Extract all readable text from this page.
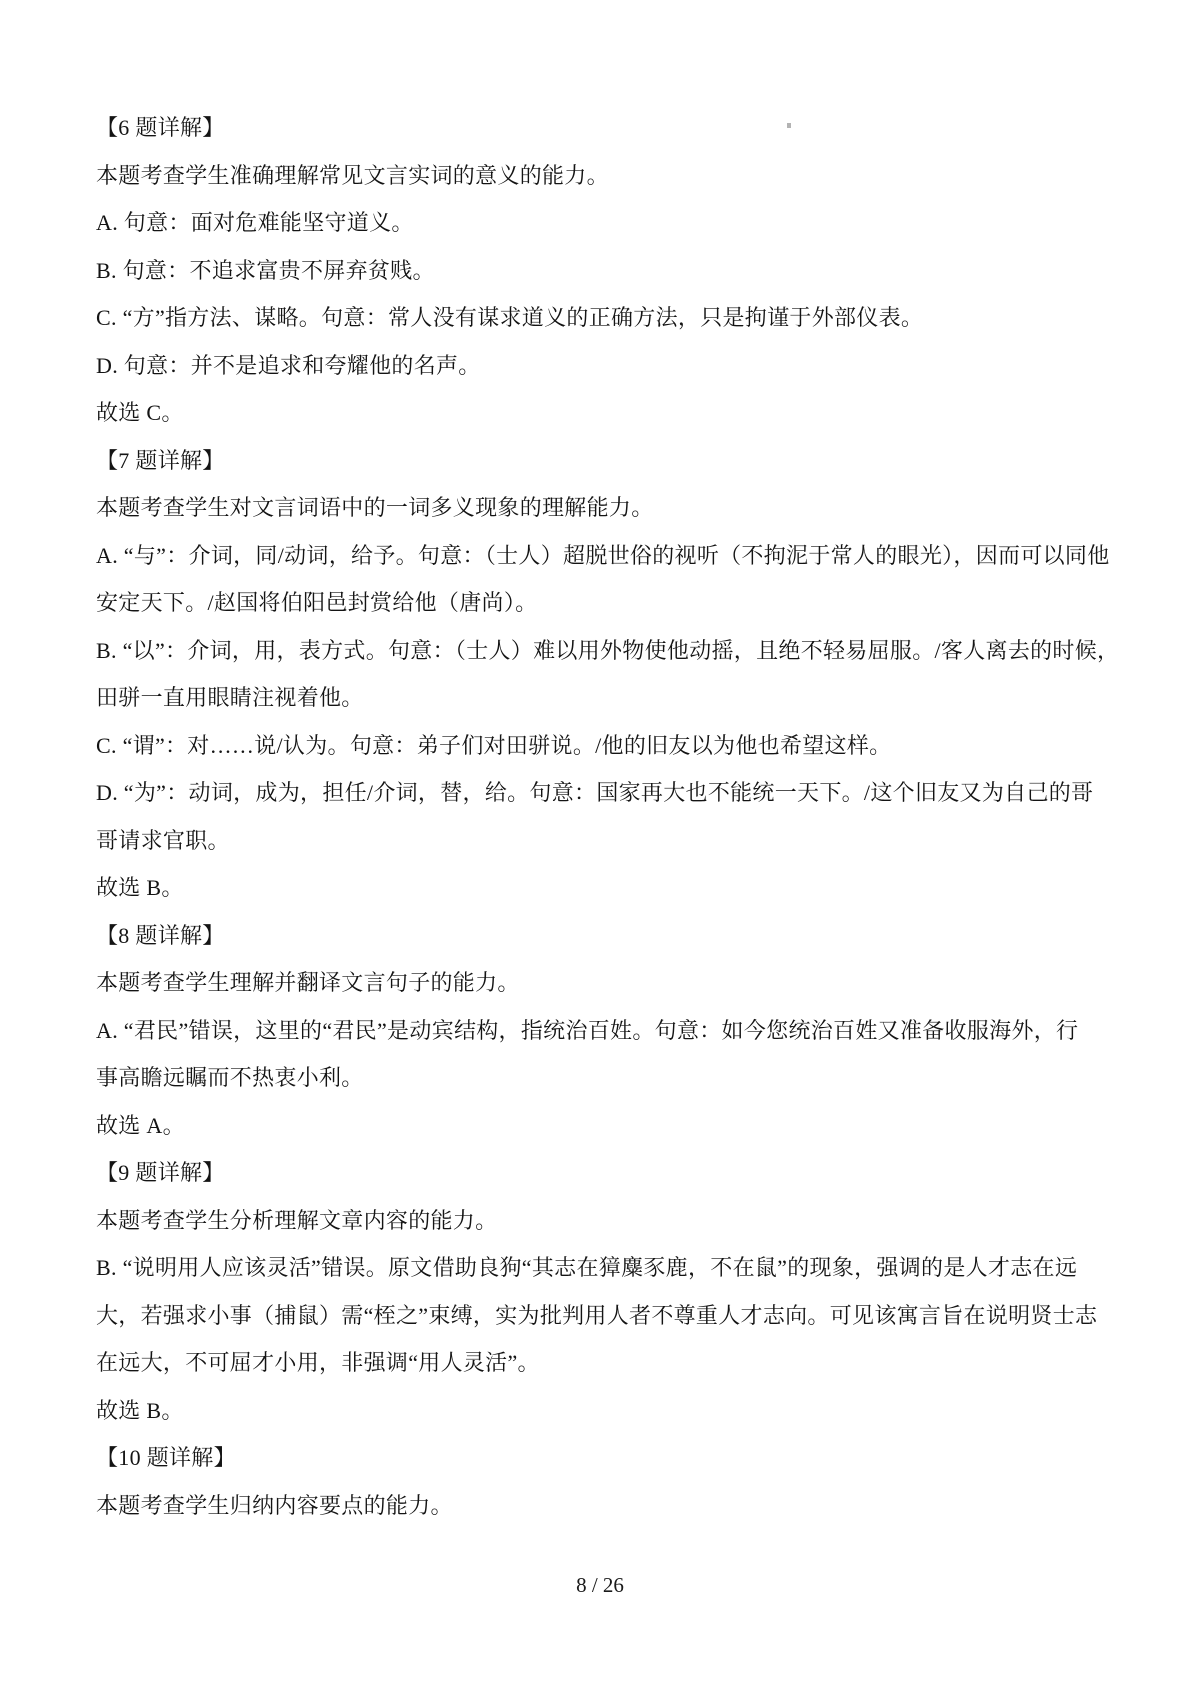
【6 题详解】
本题考查学生准确理解常见文言实词的意义的能力。
A. 句意：面对危难能坚守道义。
B. 句意：不追求富贵不屏弃贫贱。
C. “方”指方法、谋略。句意：常人没有谋求道义的正确方法，只是拘谨于外部仪表。
D. 句意：并不是追求和夸耀他的名声。
故选 C。
【7 题详解】
本题考查学生对文言词语中的一词多义现象的理解能力。
A. “与”：介词，同/动词，给予。句意：（士人）超脱世俗的视听（不拘泥于常人的眼光），因而可以同他
安定天下。/赵国将伯阳邑封赏给他（唐尚）。
B. “以”：介词，用，表方式。句意：（士人）难以用外物使他动摇，且绝不轻易屈服。/客人离去的时候，
田骈一直用眼睛注视着他。
C. “谓”：对……说/认为。句意：弟子们对田骈说。/他的旧友以为他也希望这样。
D. “为”：动词，成为，担任/介词，替，给。句意：国家再大也不能统一天下。/这个旧友又为自己的哥
哥请求官职。
故选 B。
【8 题详解】
本题考查学生理解并翻译文言句子的能力。
A. “君民”错误，这里的“君民”是动宾结构，指统治百姓。句意：如今您统治百姓又准备收服海外，行
事高瞻远瞩而不热衷小利。
故选 A。
【9 题详解】
本题考查学生分析理解文章内容的能力。
B. “说明用人应该灵活”错误。原文借助良狗“其志在獐麋豕鹿，不在鼠”的现象，强调的是人才志在远
大，若强求小事（捕鼠）需“桎之”束缚，实为批判用人者不尊重人才志向。可见该寓言旨在说明贤士志
在远大，不可屈才小用，非强调“用人灵活”。
故选 B。
【10 题详解】
本题考查学生归纳内容要点的能力。
8 / 26
